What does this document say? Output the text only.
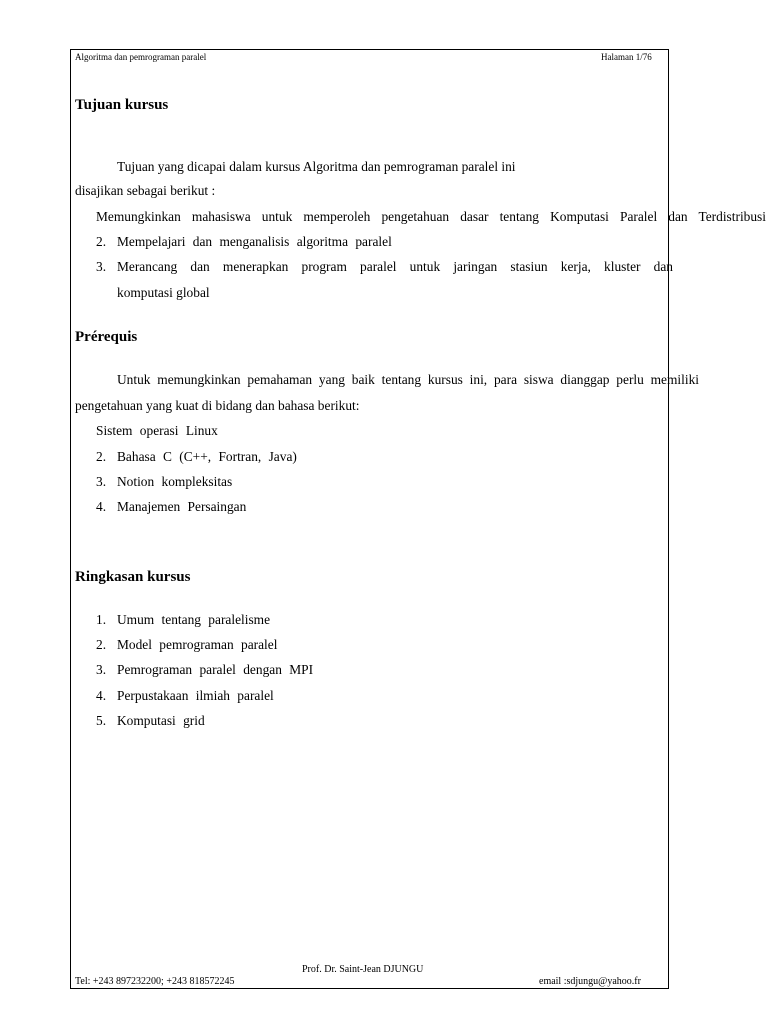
Algoritma dan pemrograman paralel	Halaman 1/76
Tujuan kursus
Tujuan yang dicapai dalam kursus Algoritma dan pemrograman paralel ini
disajikan sebagai berikut :
Memungkinkan mahasiswa untuk memperoleh pengetahuan dasar tentang Komputasi Paralel dan Terdistribusi
2. Mempelajari dan menganalisis algoritma paralel
3. Merancang dan menerapkan program paralel untuk jaringan stasiun kerja, kluster dan
komputasi global
Prérequis
Untuk memungkinkan pemahaman yang baik tentang kursus ini, para siswa dianggap perlu memiliki
pengetahuan yang kuat di bidang dan bahasa berikut:
Sistem operasi Linux
2. Bahasa C (C++, Fortran, Java)
3. Notion kompleksitas
4. Manajemen Persaingan
Ringkasan kursus
1. Umum tentang paralelisme
2. Model pemrograman paralel
3. Pemrograman paralel dengan MPI
4. Perpustakaan ilmiah paralel
5. Komputasi grid
Prof. Dr. Saint-Jean DJUNGU
Tel: +243 897232200; +243 818572245	email :sdjungu@yahoo.fr
